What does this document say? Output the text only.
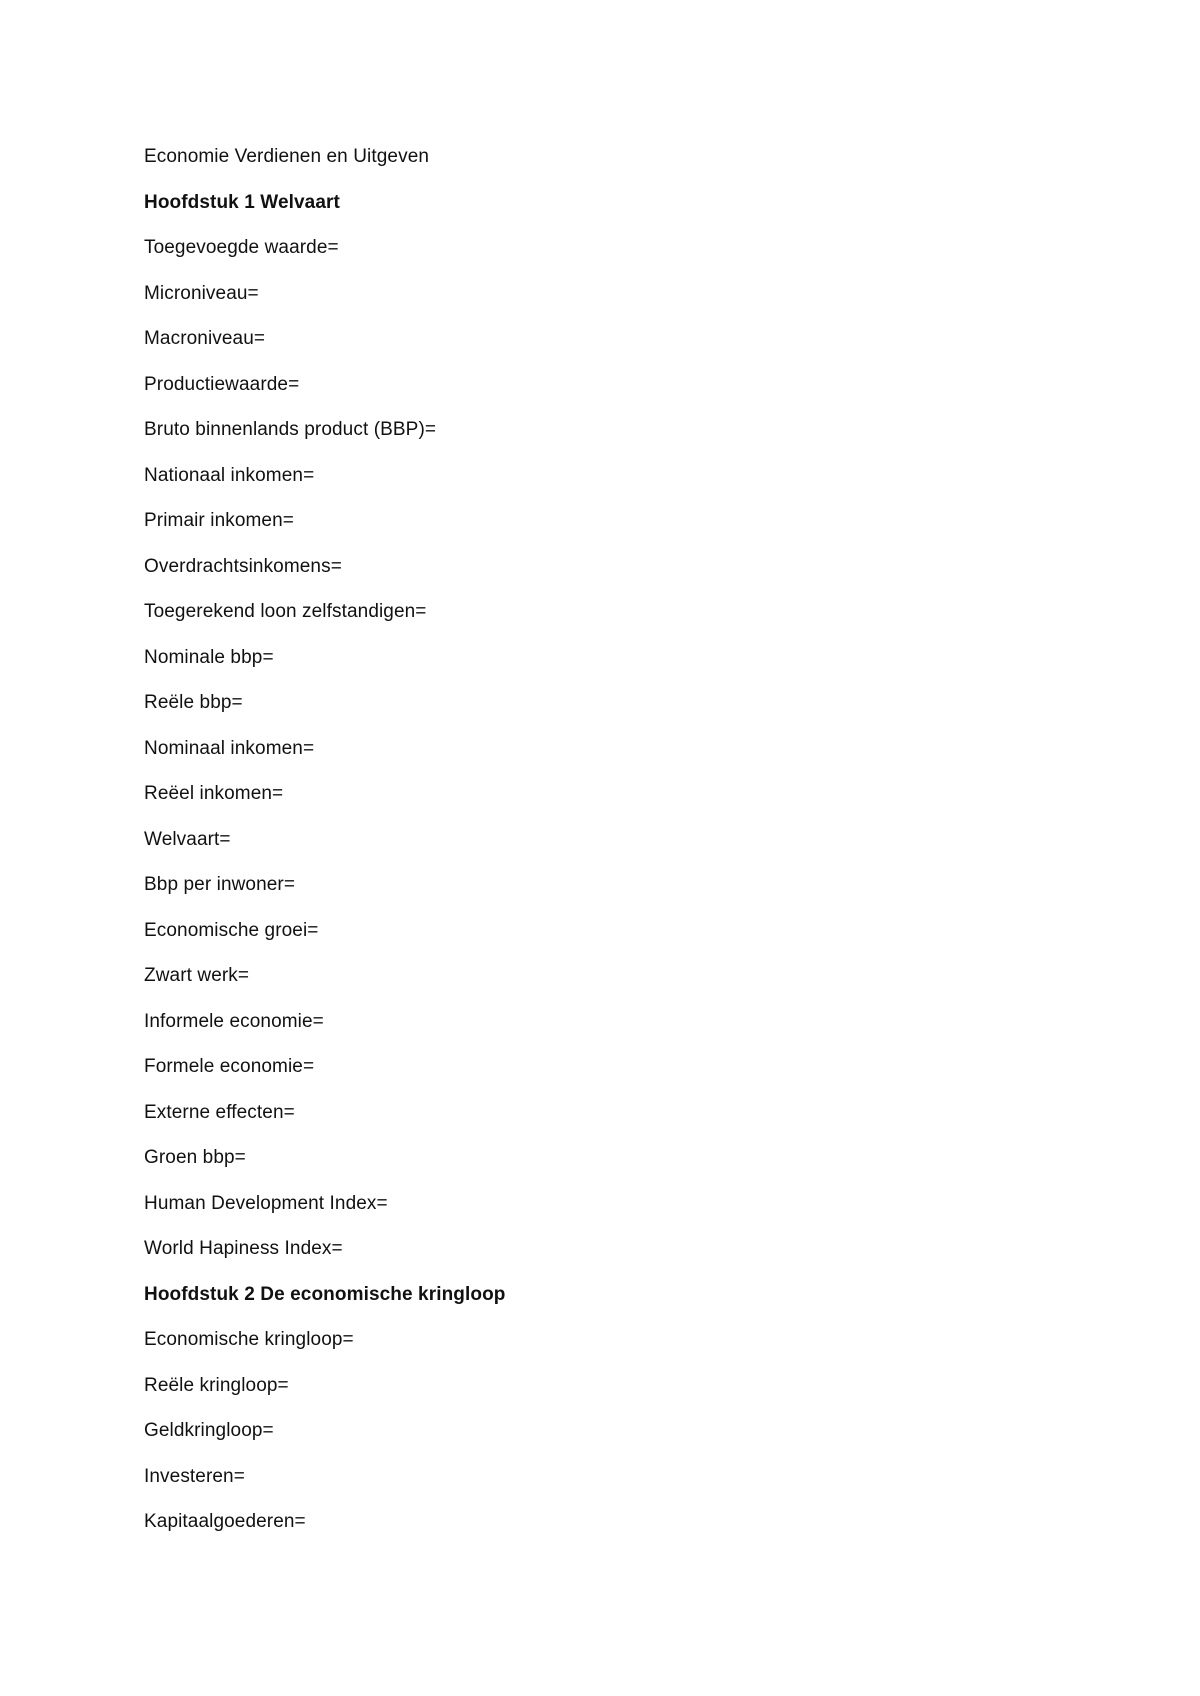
Economie Verdienen en Uitgeven
Hoofdstuk 1 Welvaart
Toegevoegde waarde=
Microniveau=
Macroniveau=
Productiewaarde=
Bruto binnenlands product (BBP)=
Nationaal inkomen=
Primair inkomen=
Overdrachtsinkomens=
Toegerekend loon zelfstandigen=
Nominale bbp=
Reële bbp=
Nominaal inkomen=
Reëel inkomen=
Welvaart=
Bbp per inwoner=
Economische groei=
Zwart werk=
Informele economie=
Formele economie=
Externe effecten=
Groen bbp=
Human Development Index=
World Hapiness Index=
Hoofdstuk 2 De economische kringloop
Economische kringloop=
Reële kringloop=
Geldkringloop=
Investeren=
Kapitaalgoederen=
